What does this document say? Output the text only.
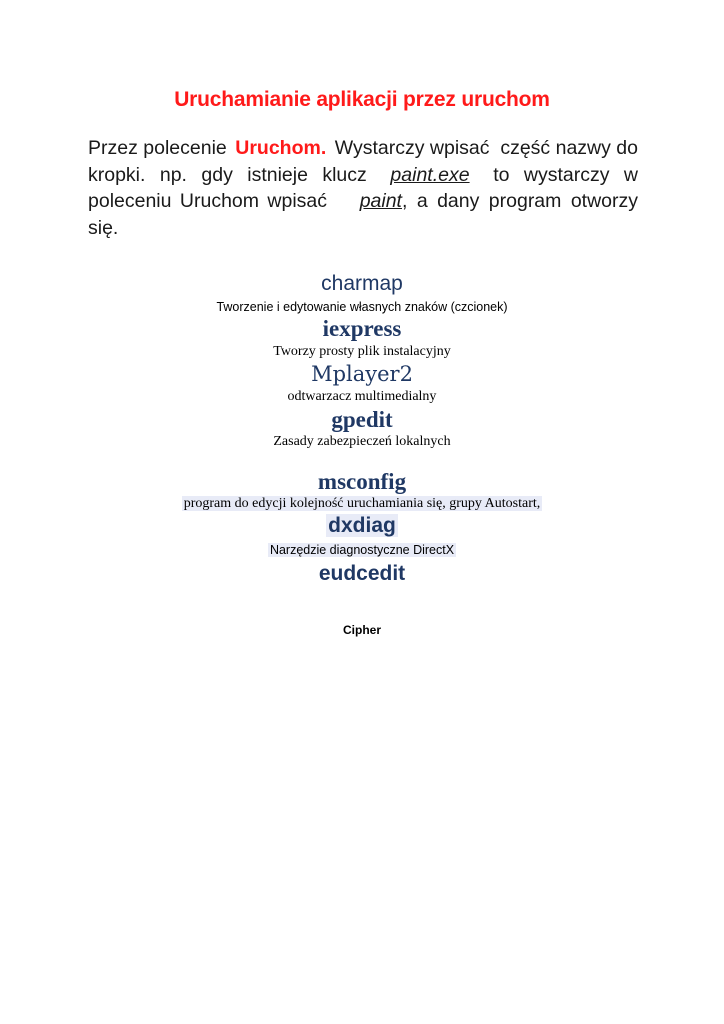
Uruchamianie aplikacji przez uruchom
Przez polecenie Uruchom. Wystarczy wpisać  część nazwy do
kropki. np. gdy istnieje klucz paint.exe to wystarczy w
poleceniu Uruchom wpisać paint , a dany program otworzy
się.
charmap
Tworzenie i edytowanie własnych znaków (czcionek)
iexpress
Tworzy prosty plik instalacyjny
Mplayer2
odtwarzacz multimedialny
gpedit
Zasady zabezpieczeń lokalnych
msconfig
program do edycji kolejność uruchamiania się, grupy Autostart,
dxdiag
Narzędzie diagnostyczne DirectX
eudcedit
Cipher
